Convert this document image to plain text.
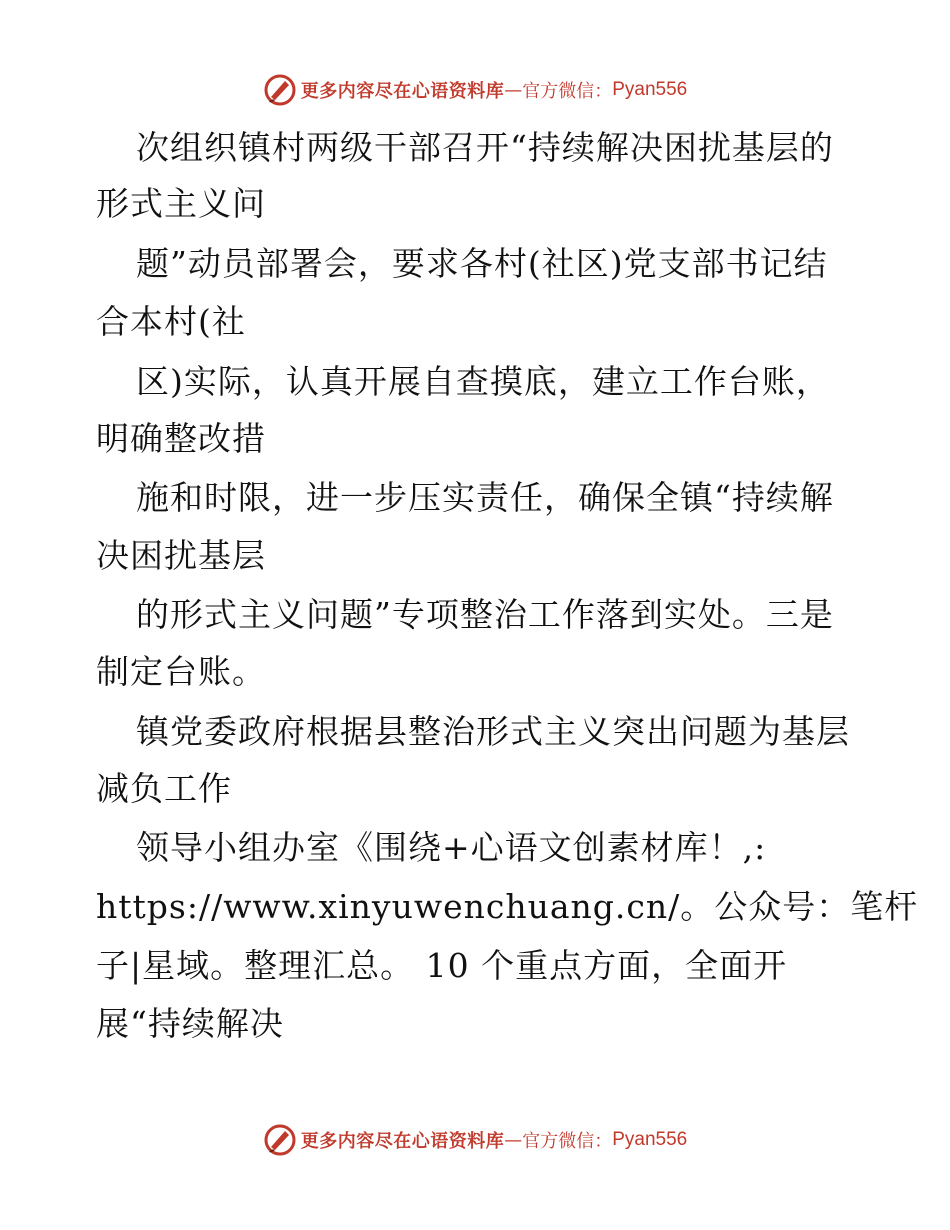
更多内容尽在心语资料库 — 官方微信： Pyan556
次组织镇村两级干部召开“持续解决困扰基层的
形式主义问
题”动员部署会，要求各村(社区)党支部书记结
合本村(社
区)实际，认真开展自查摸底，建立工作台账，
明确整改措
施和时限，进一步压实责任，确保全镇“持续解
决困扰基层
的形式主义问题”专项整治工作落到实处。三是
制定台账。
镇党委政府根据县整治形式主义突出问题为基层
减负工作
领导小组办室《围绕+心语文创素材库！,:
https://www.xinyuwenchuang.cn/。公众号：笔杆
子|星域。整理汇总。 10 个重点方面，全面开
展“持续解决
更多内容尽在心语资料库 — 官方微信： Pyan556
